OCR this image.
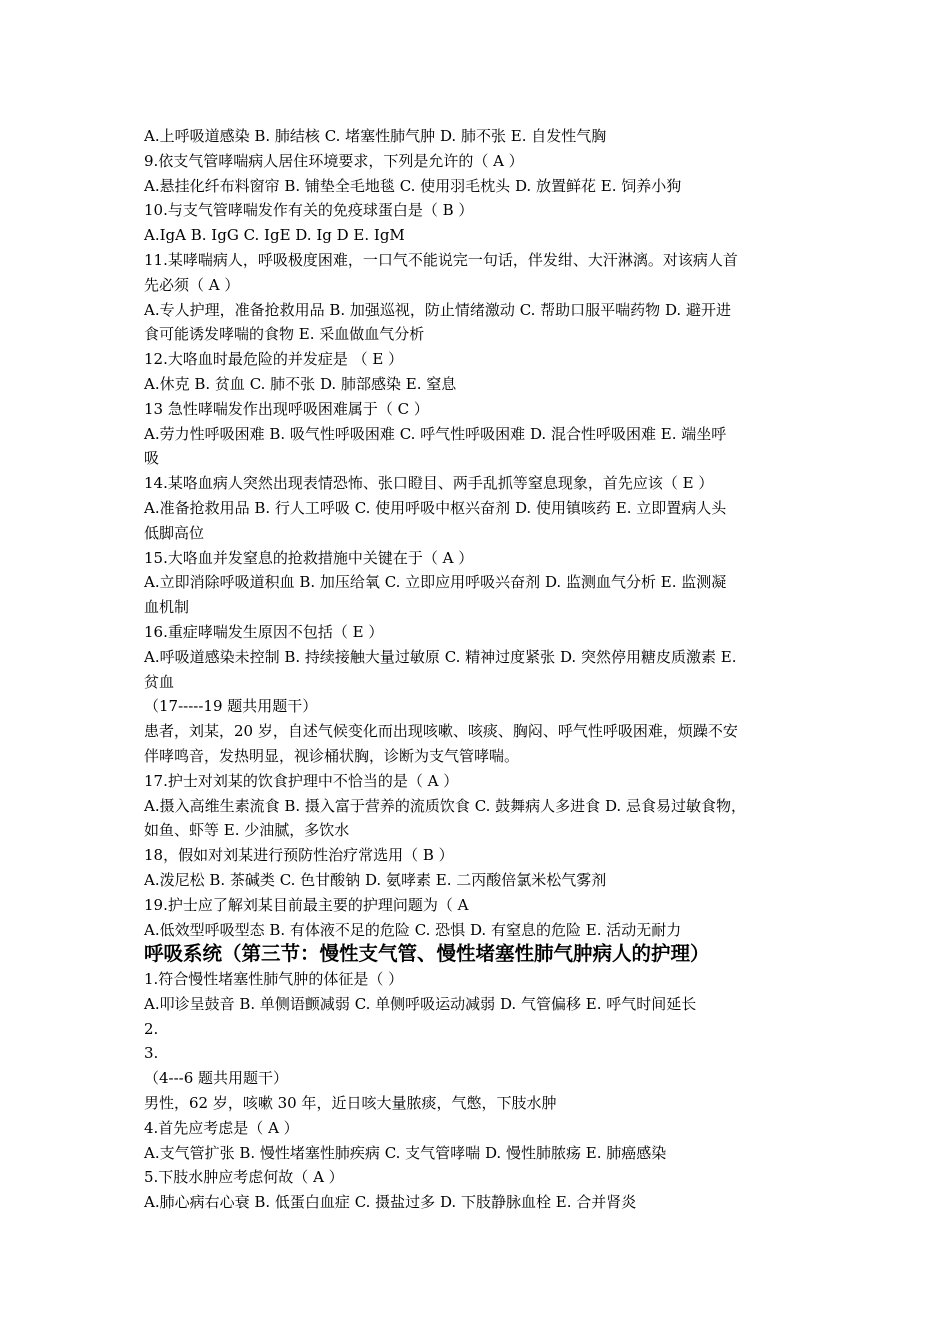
A.上呼吸道感染 B. 肺结核 C. 堵塞性肺气肿 D. 肺不张 E. 自发性气胸

9.依支气管哮喘病人居住环境要求，下列是允许的（ A ）

A.悬挂化纤布料窗帘 B. 铺垫全毛地毯 C. 使用羽毛枕头 D. 放置鲜花 E. 饲养小狗

10.与支气管哮喘发作有关的免疫球蛋白是（ B ）

A.IgA B. IgG C. IgE D. Ig D E. IgM

11.某哮喘病人，呼吸极度困难，一口气不能说完一句话，伴发绀、大汗淋漓。对该病人首

先必须（ A ）

A.专人护理，准备抢救用品 B. 加强巡视，防止情绪激动 C. 帮助口服平喘药物 D. 避开进

食可能诱发哮喘的食物 E. 采血做血气分析

12.大咯血时最危险的并发症是 （ E ）

A.休克 B. 贫血 C. 肺不张 D. 肺部感染 E. 窒息

13 急性哮喘发作出现呼吸困难属于（ C ）

A.劳力性呼吸困难 B. 吸气性呼吸困难 C. 呼气性呼吸困难 D. 混合性呼吸困难 E. 端坐呼

吸

14.某咯血病人突然出现表情恐怖、张口瞪目、两手乱抓等窒息现象，首先应该（ E ）

A.准备抢救用品 B. 行人工呼吸 C. 使用呼吸中枢兴奋剂 D. 使用镇咳药 E. 立即置病人头

低脚高位

15.大咯血并发窒息的抢救措施中关键在于（ A ）

A.立即消除呼吸道积血 B. 加压给氧 C. 立即应用呼吸兴奋剂 D. 监测血气分析 E. 监测凝

血机制

16.重症哮喘发生原因不包括（ E ）

A.呼吸道感染未控制 B. 持续接触大量过敏原 C. 精神过度紧张 D. 突然停用糖皮质激素 E.

贫血

（17-----19 题共用题干）

患者，刘某，20 岁，自述气候变化而出现咳嗽、咳痰、胸闷、呼气性呼吸困难，烦躁不安

伴哮鸣音，发热明显，视诊桶状胸，诊断为支气管哮喘。

17.护士对刘某的饮食护理中不恰当的是（ A ）

A.摄入高维生素流食 B. 摄入富于营养的流质饮食 C. 鼓舞病人多进食 D. 忌食易过敏食物，

如鱼、虾等 E. 少油腻，多饮水

18，假如对刘某进行预防性治疗常选用（ B ）

A.泼尼松 B. 茶碱类 C. 色甘酸钠 D. 氨哮素 E. 二丙酸倍氯米松气雾剂

19.护士应了解刘某目前最主要的护理问题为（ A

A.低效型呼吸型态 B. 有体液不足的危险 C. 恐惧 D. 有窒息的危险 E. 活动无耐力

呼吸系统（第三节：慢性支气管、慢性堵塞性肺气肿病人的护理）

1.符合慢性堵塞性肺气肿的体征是（ ）

A.叩诊呈鼓音 B. 单侧语颤减弱 C. 单侧呼吸运动减弱 D. 气管偏移 E. 呼气时间延长

2.

3.

（4---6 题共用题干）

男性，62 岁，咳嗽 30 年，近日咳大量脓痰，气憋，下肢水肿

4.首先应考虑是（ A ）

A.支气管扩张 B. 慢性堵塞性肺疾病 C. 支气管哮喘 D. 慢性肺脓疡 E. 肺癌感染

5.下肢水肿应考虑何故（ A ）

A.肺心病右心衰 B. 低蛋白血症 C. 摄盐过多 D. 下肢静脉血栓 E. 合并肾炎
